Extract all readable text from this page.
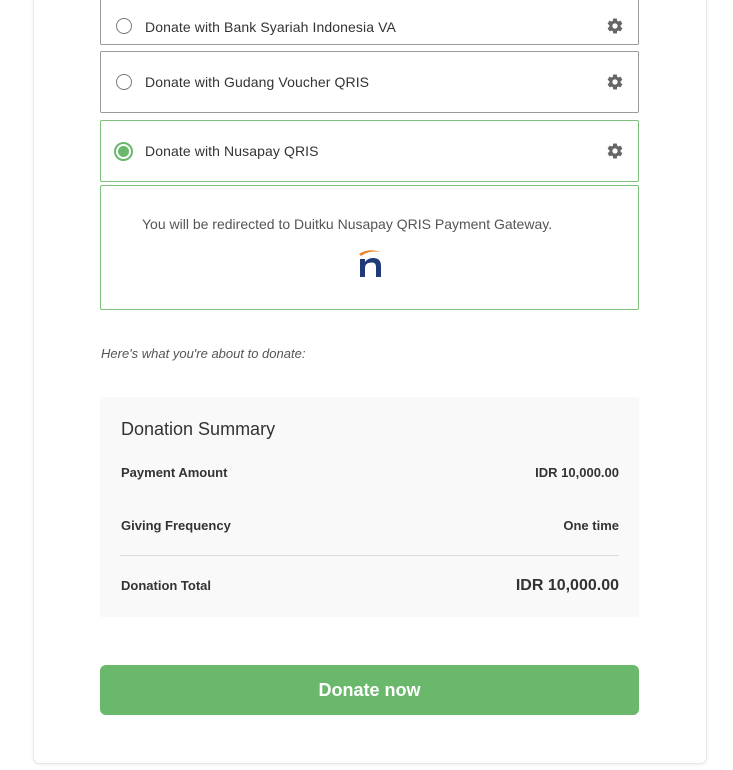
Donate with Bank Syariah Indonesia VA
Donate with Gudang Voucher QRIS
Donate with Nusapay QRIS
You will be redirected to Duitku Nusapay QRIS Payment Gateway.
Here's what you're about to donate:
Donation Summary
Payment Amount	IDR 10,000.00
Giving Frequency	One time
Donation Total	IDR 10,000.00
Donate now
